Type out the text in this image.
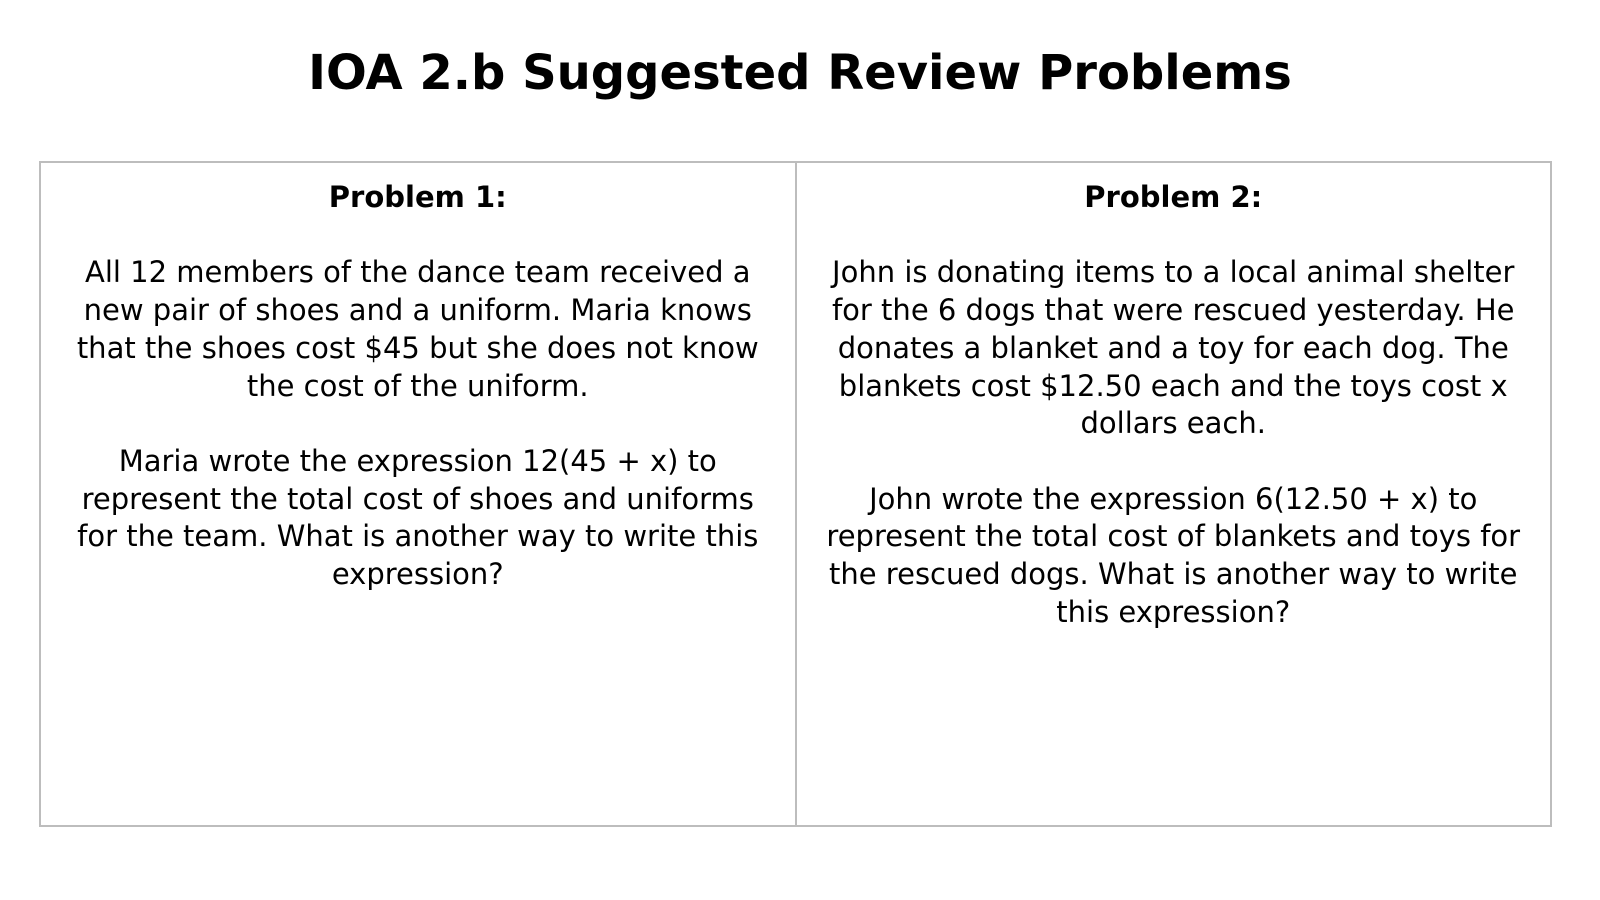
IOA 2.b Suggested Review Problems

Problem 1:

All 12 members of the dance team received a new pair of shoes and a uniform. Maria knows that the shoes cost $45 but she does not know the cost of the uniform.

Maria wrote the expression 12(45 + x) to represent the total cost of shoes and uniforms for the team. What is another way to write this expression?

Problem 2:

John is donating items to a local animal shelter for the 6 dogs that were rescued yesterday. He donates a blanket and a toy for each dog. The blankets cost $12.50 each and the toys cost x dollars each.

John wrote the expression 6(12.50 + x) to represent the total cost of blankets and toys for the rescued dogs. What is another way to write this expression?
